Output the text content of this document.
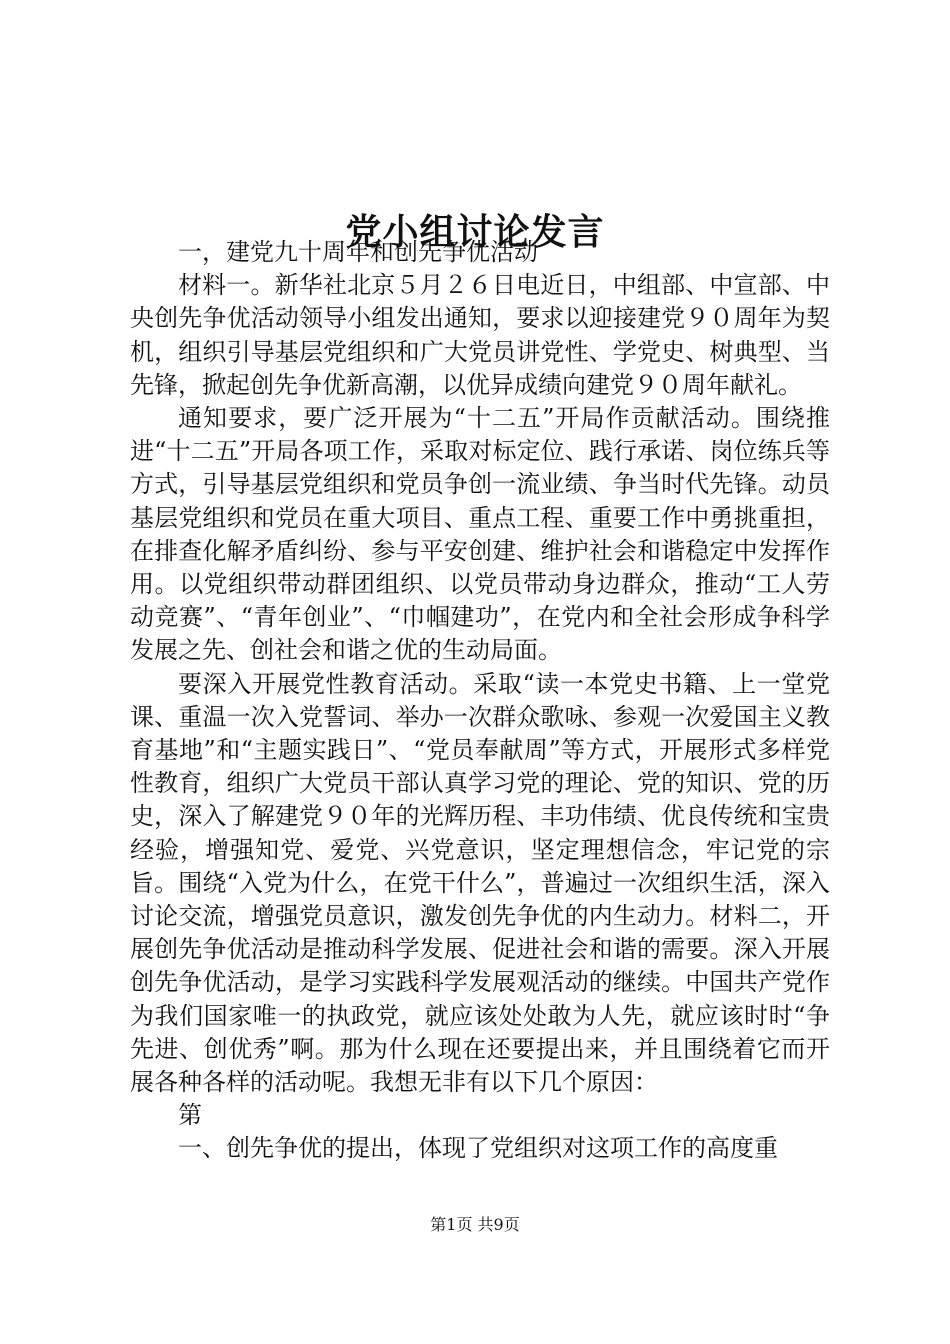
党小组讨论发言

一，建党九十周年和创先争优活动

材料一。新华社北京５月２６日电近日，中组部、中宣部、中央创先争优活动领导小组发出通知，要求以迎接建党９０周年为契机，组织引导基层党组织和广大党员讲党性、学党史、树典型、当先锋，掀起创先争优新高潮，以优异成绩向建党９０周年献礼。

通知要求，要广泛开展为“十二五”开局作贡献活动。围绕推进“十二五”开局各项工作，采取对标定位、践行承诺、岗位练兵等方式，引导基层党组织和党员争创一流业绩、争当时代先锋。动员基层党组织和党员在重大项目、重点工程、重要工作中勇挑重担，在排查化解矛盾纠纷、参与平安创建、维护社会和谐稳定中发挥作用。以党组织带动群团组织、以党员带动身边群众，推动“工人劳动竞赛”、“青年创业”、“巾帼建功”，在党内和全社会形成争科学发展之先、创社会和谐之优的生动局面。

要深入开展党性教育活动。采取“读一本党史书籍、上一堂党课、重温一次入党誓词、举办一次群众歌咏、参观一次爱国主义教育基地”和“主题实践日”、“党员奉献周”等方式，开展形式多样党性教育，组织广大党员干部认真学习党的理论、党的知识、党的历史，深入了解建党９０年的光辉历程、丰功伟绩、优良传统和宝贵经验，增强知党、爱党、兴党意识，坚定理想信念，牢记党的宗旨。围绕“入党为什么，在党干什么”，普遍过一次组织生活，深入讨论交流，增强党员意识，激发创先争优的内生动力。材料二，开展创先争优活动是推动科学发展、促进社会和谐的需要。深入开展创先争优活动，是学习实践科学发展观活动的继续。中国共产党作为我们国家唯一的执政党，就应该处处敢为人先，就应该时时“争先进、创优秀”啊。那为什么现在还要提出来，并且围绕着它而开展各种各样的活动呢。我想无非有以下几个原因：

第

一、创先争优的提出，体现了党组织对这项工作的高度重

第1页 共9页
